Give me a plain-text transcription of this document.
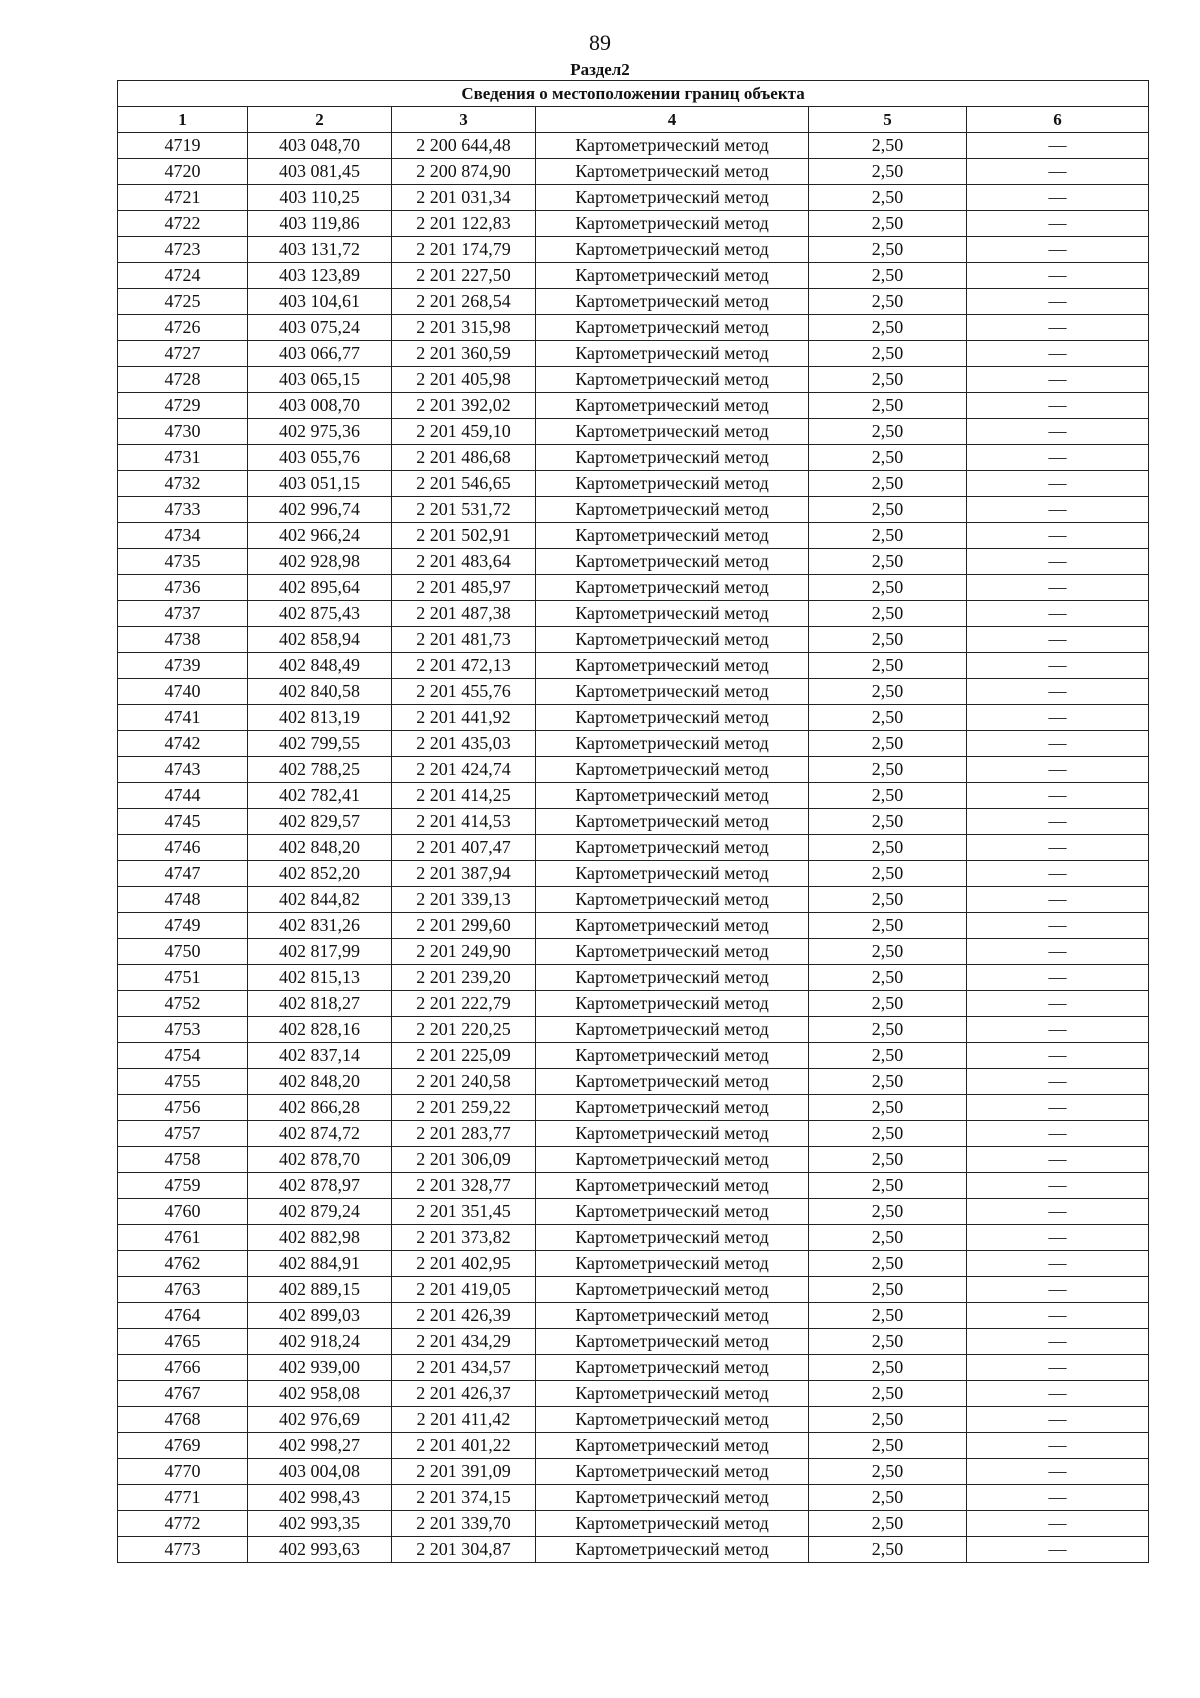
89
Раздел2
Сведения о местоположении границ объекта					
1	2	3	4	5	6
4719	403 048,70	2 200 644,48	Картометрический метод	2,50	—
4720	403 081,45	2 200 874,90	Картометрический метод	2,50	—
4721	403 110,25	2 201 031,34	Картометрический метод	2,50	—
4722	403 119,86	2 201 122,83	Картометрический метод	2,50	—
4723	403 131,72	2 201 174,79	Картометрический метод	2,50	—
4724	403 123,89	2 201 227,50	Картометрический метод	2,50	—
4725	403 104,61	2 201 268,54	Картометрический метод	2,50	—
4726	403 075,24	2 201 315,98	Картометрический метод	2,50	—
4727	403 066,77	2 201 360,59	Картометрический метод	2,50	—
4728	403 065,15	2 201 405,98	Картометрический метод	2,50	—
4729	403 008,70	2 201 392,02	Картометрический метод	2,50	—
4730	402 975,36	2 201 459,10	Картометрический метод	2,50	—
4731	403 055,76	2 201 486,68	Картометрический метод	2,50	—
4732	403 051,15	2 201 546,65	Картометрический метод	2,50	—
4733	402 996,74	2 201 531,72	Картометрический метод	2,50	—
4734	402 966,24	2 201 502,91	Картометрический метод	2,50	—
4735	402 928,98	2 201 483,64	Картометрический метод	2,50	—
4736	402 895,64	2 201 485,97	Картометрический метод	2,50	—
4737	402 875,43	2 201 487,38	Картометрический метод	2,50	—
4738	402 858,94	2 201 481,73	Картометрический метод	2,50	—
4739	402 848,49	2 201 472,13	Картометрический метод	2,50	—
4740	402 840,58	2 201 455,76	Картометрический метод	2,50	—
4741	402 813,19	2 201 441,92	Картометрический метод	2,50	—
4742	402 799,55	2 201 435,03	Картометрический метод	2,50	—
4743	402 788,25	2 201 424,74	Картометрический метод	2,50	—
4744	402 782,41	2 201 414,25	Картометрический метод	2,50	—
4745	402 829,57	2 201 414,53	Картометрический метод	2,50	—
4746	402 848,20	2 201 407,47	Картометрический метод	2,50	—
4747	402 852,20	2 201 387,94	Картометрический метод	2,50	—
4748	402 844,82	2 201 339,13	Картометрический метод	2,50	—
4749	402 831,26	2 201 299,60	Картометрический метод	2,50	—
4750	402 817,99	2 201 249,90	Картометрический метод	2,50	—
4751	402 815,13	2 201 239,20	Картометрический метод	2,50	—
4752	402 818,27	2 201 222,79	Картометрический метод	2,50	—
4753	402 828,16	2 201 220,25	Картометрический метод	2,50	—
4754	402 837,14	2 201 225,09	Картометрический метод	2,50	—
4755	402 848,20	2 201 240,58	Картометрический метод	2,50	—
4756	402 866,28	2 201 259,22	Картометрический метод	2,50	—
4757	402 874,72	2 201 283,77	Картометрический метод	2,50	—
4758	402 878,70	2 201 306,09	Картометрический метод	2,50	—
4759	402 878,97	2 201 328,77	Картометрический метод	2,50	—
4760	402 879,24	2 201 351,45	Картометрический метод	2,50	—
4761	402 882,98	2 201 373,82	Картометрический метод	2,50	—
4762	402 884,91	2 201 402,95	Картометрический метод	2,50	—
4763	402 889,15	2 201 419,05	Картометрический метод	2,50	—
4764	402 899,03	2 201 426,39	Картометрический метод	2,50	—
4765	402 918,24	2 201 434,29	Картометрический метод	2,50	—
4766	402 939,00	2 201 434,57	Картометрический метод	2,50	—
4767	402 958,08	2 201 426,37	Картометрический метод	2,50	—
4768	402 976,69	2 201 411,42	Картометрический метод	2,50	—
4769	402 998,27	2 201 401,22	Картометрический метод	2,50	—
4770	403 004,08	2 201 391,09	Картометрический метод	2,50	—
4771	402 998,43	2 201 374,15	Картометрический метод	2,50	—
4772	402 993,35	2 201 339,70	Картометрический метод	2,50	—
4773	402 993,63	2 201 304,87	Картометрический метод	2,50	—
